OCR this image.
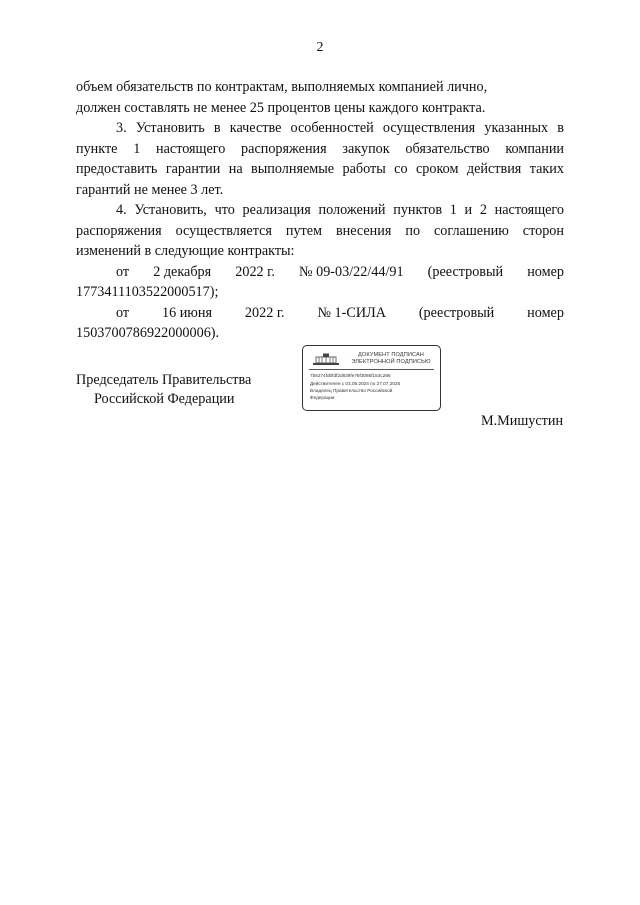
2

объем обязательств по контрактам, выполняемых компанией лично,

должен составлять не менее 25 процентов цены каждого контракта.

3. Установить в качестве особенностей осуществления указанных в пункте 1 настоящего распоряжения закупок обязательство компании предоставить гарантии на выполняемые работы со сроком действия таких гарантий не менее 3 лет.

4. Установить, что реализация положений пунктов 1 и 2 настоящего распоряжения осуществляется путем внесения по соглашению сторон изменений в следующие контракты:

от 2 декабря 2022 г. № 09-03/22/44/91 (реестровый номер

1773411103522000517);

от 16 июня 2022 г. № 1-СИЛА (реестровый номер

1503700786922000006).

Председатель Правительства
Российской Федерации
ДОКУМЕНТ ПОДПИСАН
ЭЛЕКТРОННОЙ ПОДПИСЬЮ
7b6274fd0fdf2d839fe78f3086f153c286
Действителен с 03.05.2024 по 27.07.2025
Владелец Правительство Российской
Федерации
М.Мишустин
